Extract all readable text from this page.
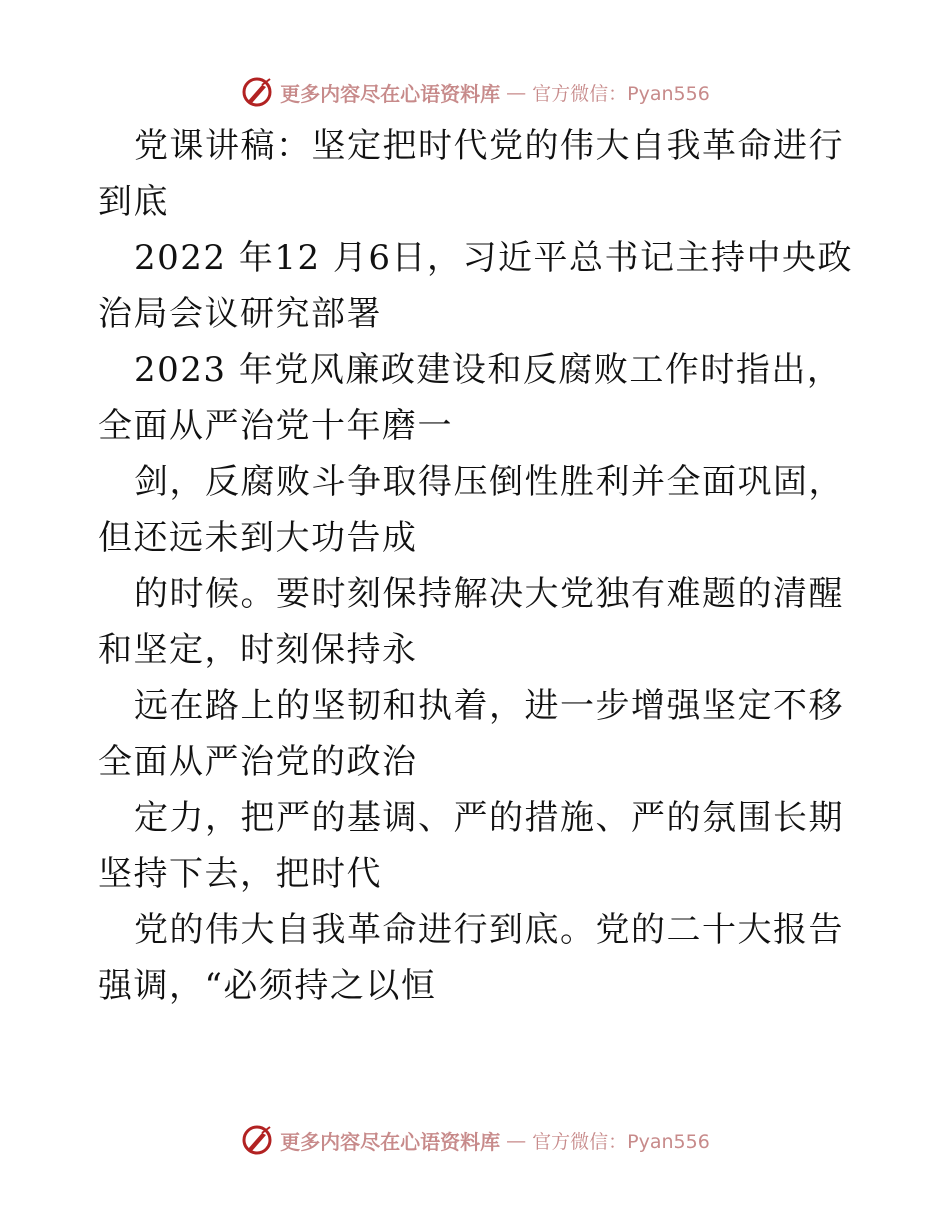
更多内容尽在心语资料库 — 官方微信：Pyan556

党课讲稿：坚定把时代党的伟大自我革命进行到底

2022 年12 月6日，习近平总书记主持中央政治局会议研究部署

2023 年党风廉政建设和反腐败工作时指出，全面从严治党十年磨一

剑，反腐败斗争取得压倒性胜利并全面巩固，但还远未到大功告成

的时候。要时刻保持解决大党独有难题的清醒和坚定，时刻保持永

远在路上的坚韧和执着，进一步增强坚定不移全面从严治党的政治

定力，把严的基调、严的措施、严的氛围长期坚持下去，把时代

党的伟大自我革命进行到底。党的二十大报告强调，“必须持之以恒

更多内容尽在心语资料库 — 官方微信：Pyan556
